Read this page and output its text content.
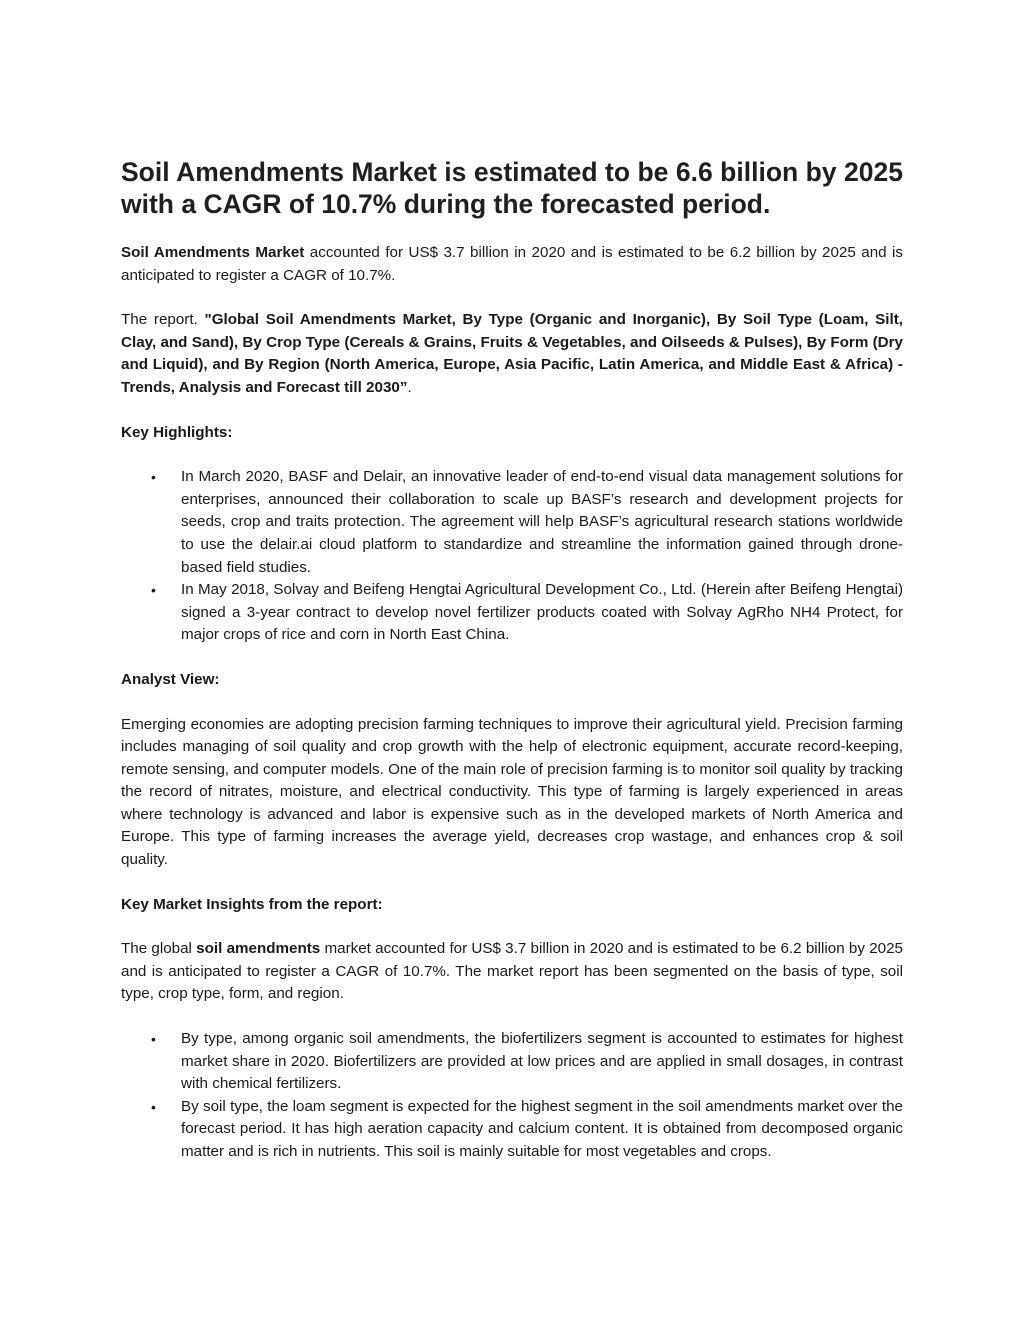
Soil Amendments Market is estimated to be 6.6 billion by 2025 with a CAGR of 10.7% during the forecasted period.

Soil Amendments Market accounted for US$ 3.7 billion in 2020 and is estimated to be 6.2 billion by 2025 and is anticipated to register a CAGR of 10.7%.

The report. "Global Soil Amendments Market, By Type (Organic and Inorganic), By Soil Type (Loam, Silt, Clay, and Sand), By Crop Type (Cereals & Grains, Fruits & Vegetables, and Oilseeds & Pulses), By Form (Dry and Liquid), and By Region (North America, Europe, Asia Pacific, Latin America, and Middle East & Africa) - Trends, Analysis and Forecast till 2030”.

Key Highlights:
• In March 2020, BASF and Delair, an innovative leader of end-to-end visual data management solutions for enterprises, announced their collaboration to scale up BASF’s research and development projects for seeds, crop and traits protection. The agreement will help BASF’s agricultural research stations worldwide to use the delair.ai cloud platform to standardize and streamline the information gained through drone-based field studies.
• In May 2018, Solvay and Beifeng Hengtai Agricultural Development Co., Ltd. (Herein after Beifeng Hengtai) signed a 3-year contract to develop novel fertilizer products coated with Solvay AgRho NH4 Protect, for major crops of rice and corn in North East China.
Analyst View:

Emerging economies are adopting precision farming techniques to improve their agricultural yield. Precision farming includes managing of soil quality and crop growth with the help of electronic equipment, accurate record-keeping, remote sensing, and computer models. One of the main role of precision farming is to monitor soil quality by tracking the record of nitrates, moisture, and electrical conductivity. This type of farming is largely experienced in areas where technology is advanced and labor is expensive such as in the developed markets of North America and Europe. This type of farming increases the average yield, decreases crop wastage, and enhances crop & soil quality.

Key Market Insights from the report:

The global soil amendments market accounted for US$ 3.7 billion in 2020 and is estimated to be 6.2 billion by 2025 and is anticipated to register a CAGR of 10.7%. The market report has been segmented on the basis of type, soil type, crop type, form, and region.

• By type, among organic soil amendments, the biofertilizers segment is accounted to estimates for highest market share in 2020. Biofertilizers are provided at low prices and are applied in small dosages, in contrast with chemical fertilizers.
• By soil type, the loam segment is expected for the highest segment in the soil amendments market over the forecast period. It has high aeration capacity and calcium content. It is obtained from decomposed organic matter and is rich in nutrients. This soil is mainly suitable for most vegetables and crops.
